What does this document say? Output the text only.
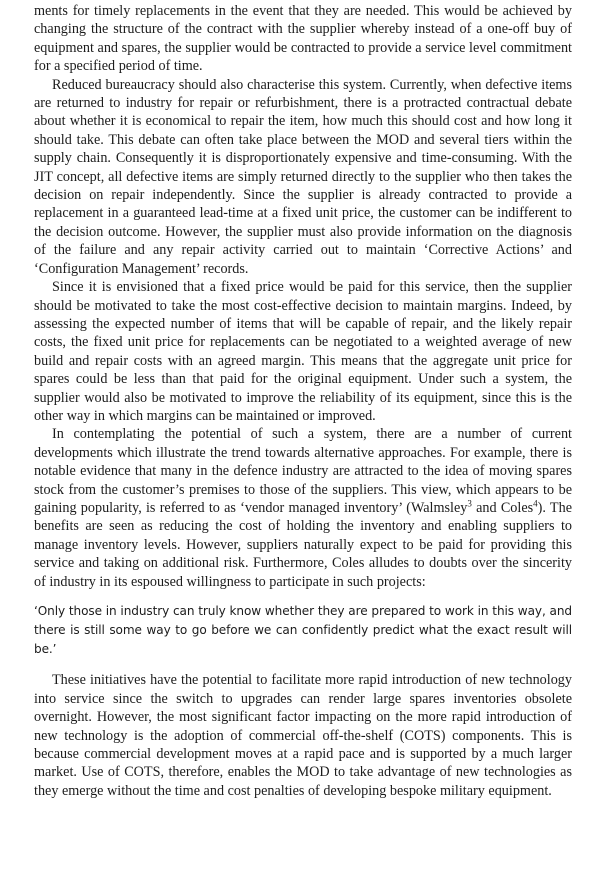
ments for timely replacements in the event that they are needed. This would be achieved by changing the structure of the contract with the supplier whereby instead of a one-off buy of equipment and spares, the supplier would be contracted to provide a service level commitment for a specified period of time.

Reduced bureaucracy should also characterise this system. Currently, when defective items are returned to industry for repair or refurbishment, there is a protracted contractual debate about whether it is economical to repair the item, how much this should cost and how long it should take. This debate can often take place between the MOD and several tiers within the supply chain. Consequently it is disproportionately expensive and time-consuming. With the JIT concept, all defective items are simply returned directly to the supplier who then takes the decision on repair independently. Since the supplier is already contracted to provide a replacement in a guaranteed lead-time at a fixed unit price, the customer can be indifferent to the decision outcome. However, the supplier must also provide information on the diagnosis of the failure and any repair activity carried out to maintain ‘Corrective Actions’ and ‘Configuration Management’ records.

Since it is envisioned that a fixed price would be paid for this service, then the supplier should be motivated to take the most cost-effective decision to maintain margins. Indeed, by assessing the expected number of items that will be capable of repair, and the likely repair costs, the fixed unit price for replacements can be negotiated to a weighted average of new build and repair costs with an agreed margin. This means that the aggregate unit price for spares could be less than that paid for the original equipment. Under such a system, the supplier would also be motivated to improve the reliability of its equipment, since this is the other way in which margins can be maintained or improved.

In contemplating the potential of such a system, there are a number of current developments which illustrate the trend towards alternative approaches. For example, there is notable evidence that many in the defence industry are attracted to the idea of moving spares stock from the customer’s premises to those of the suppliers. This view, which appears to be gaining popularity, is referred to as ‘vendor managed inventory’ (Walmsley$^3$ and Coles$^4$). The benefits are seen as reducing the cost of holding the inventory and enabling suppliers to manage inventory levels. However, suppliers naturally expect to be paid for providing this service and taking on additional risk. Furthermore, Coles alludes to doubts over the sincerity of industry in its espoused willingness to participate in such projects:

‘Only those in industry can truly know whether they are prepared to work in this way, and there is still some way to go before we can confidently predict what the exact result will be.’

These initiatives have the potential to facilitate more rapid introduction of new technology into service since the switch to upgrades can render large spares inventories obsolete overnight. However, the most significant factor impacting on the more rapid introduction of new technology is the adoption of commercial off-the-shelf (COTS) components. This is because commercial development moves at a rapid pace and is supported by a much larger market. Use of COTS, therefore, enables the MOD to take advantage of new technologies as they emerge without the time and cost penalties of developing bespoke military equipment.
